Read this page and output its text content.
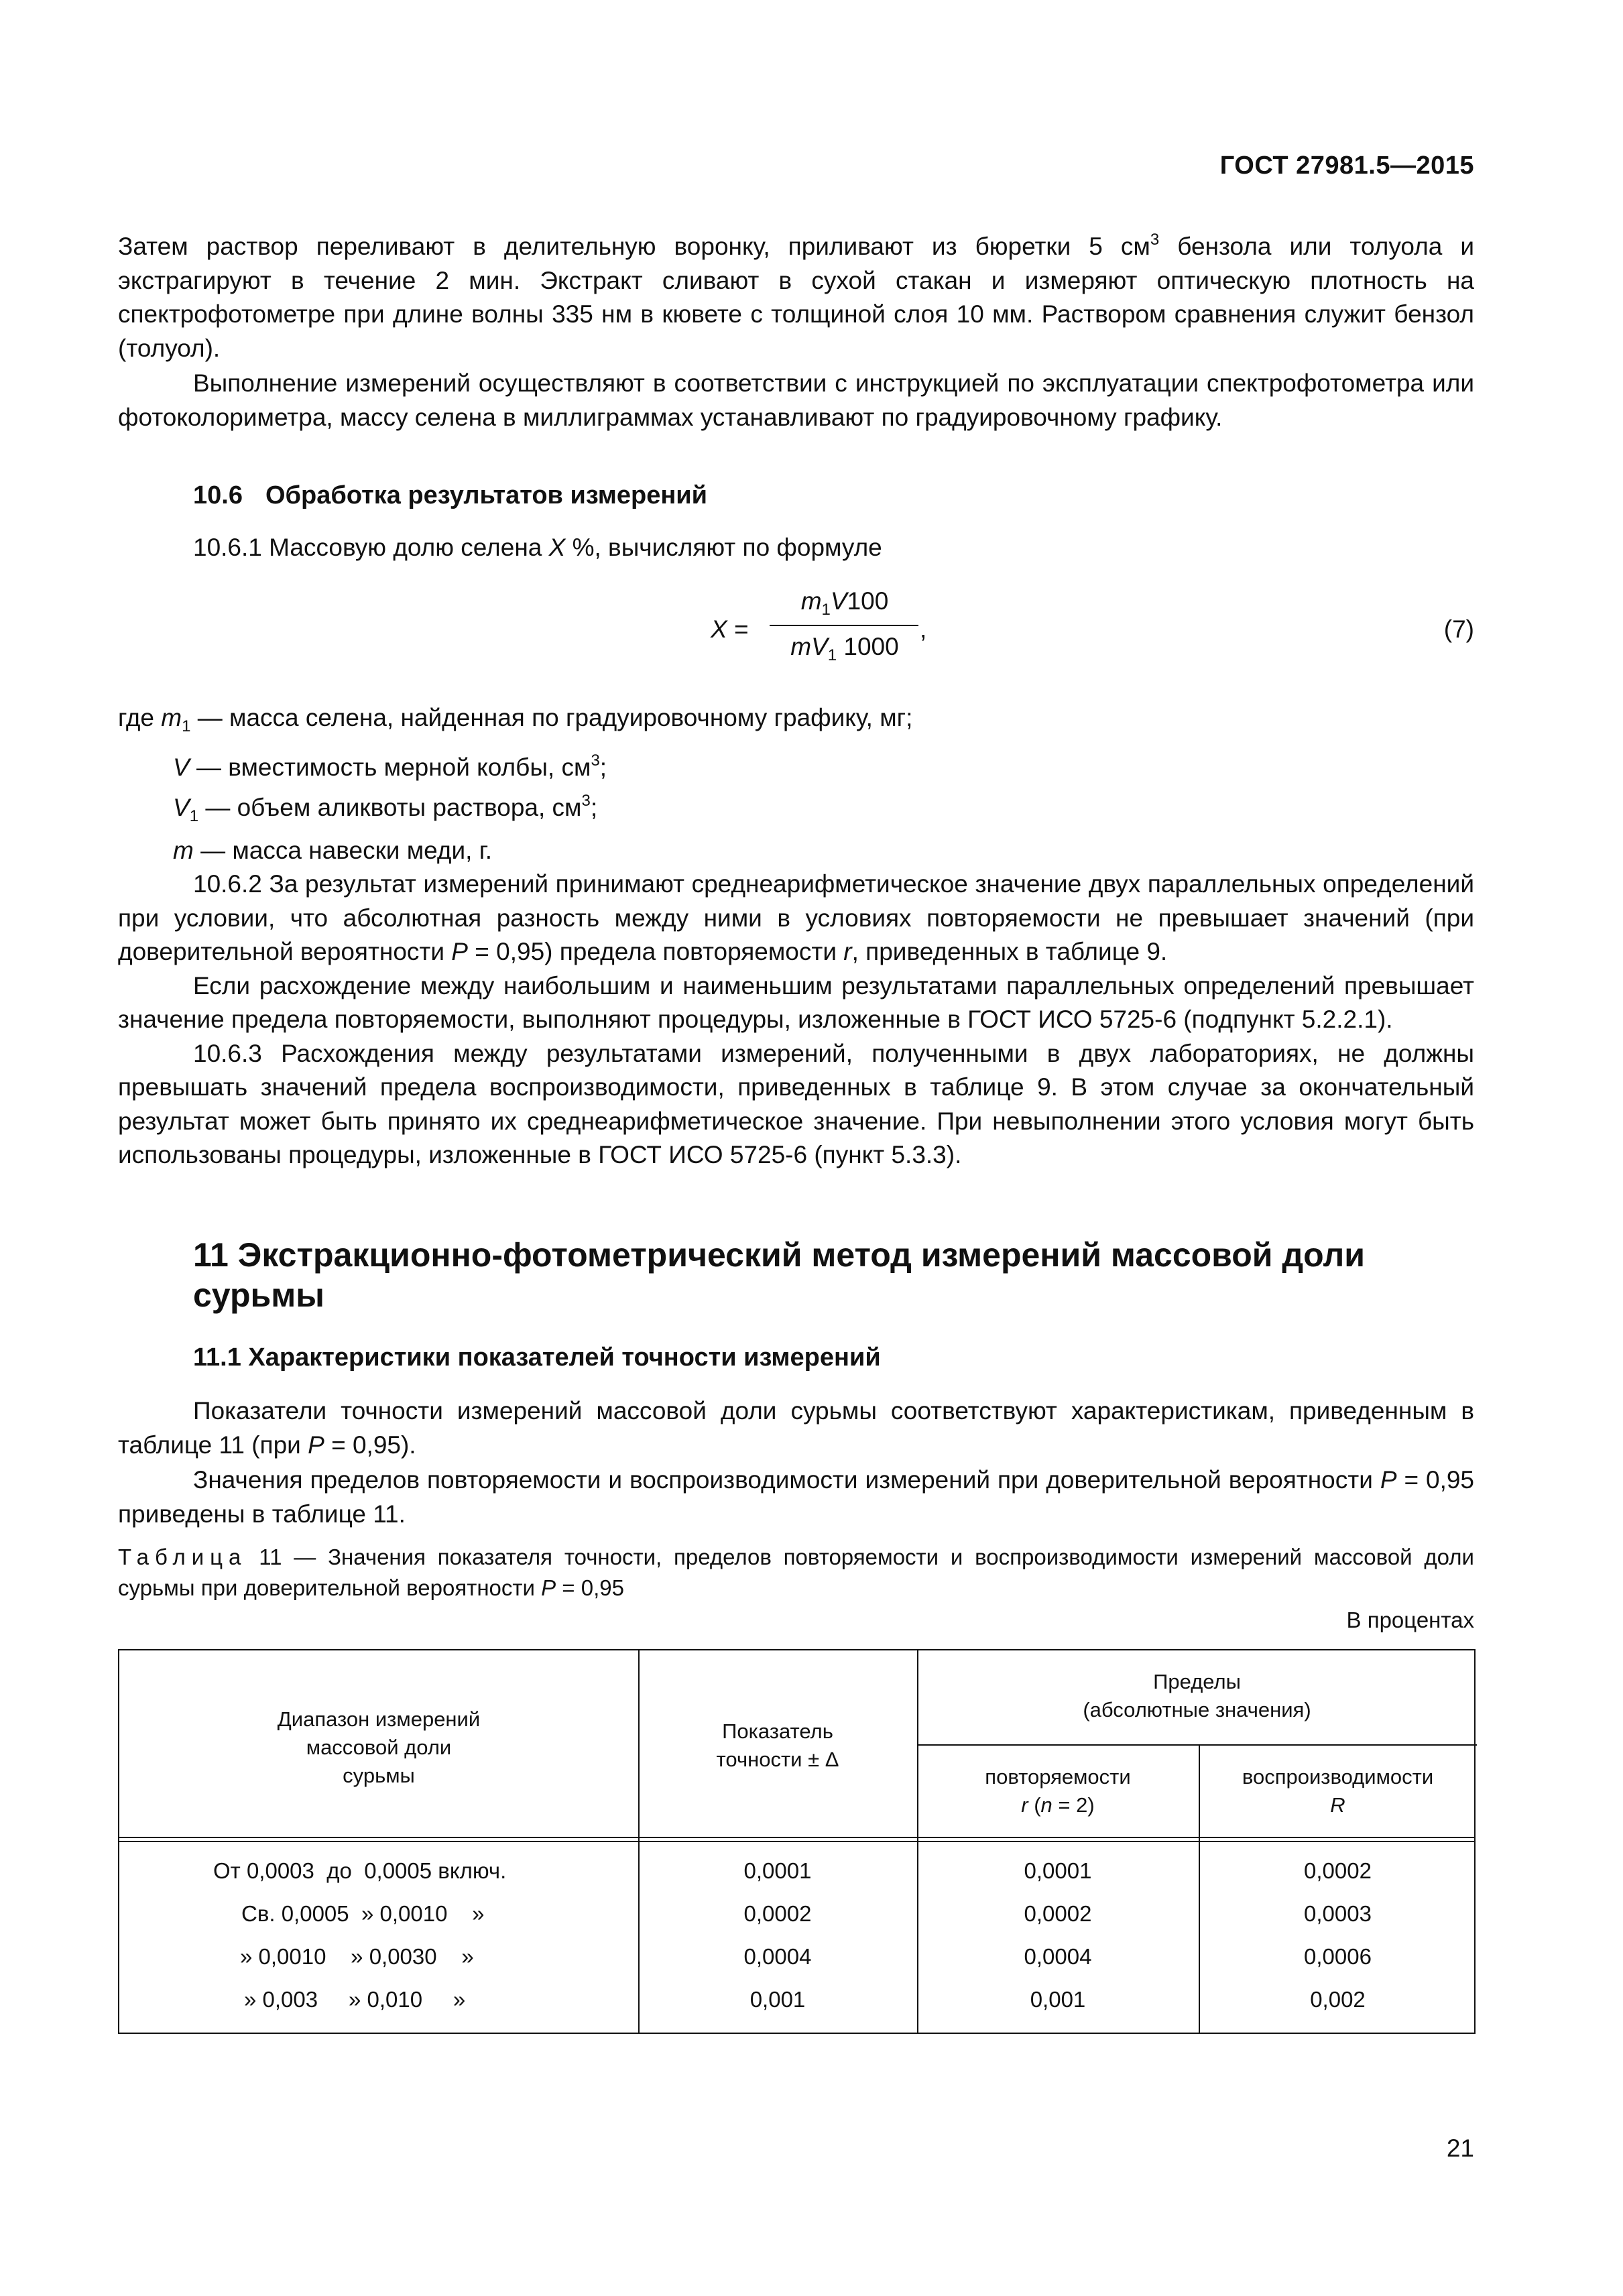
ГОСТ 27981.5—2015

Затем раствор переливают в делительную воронку, приливают из бюретки 5 $см^3$ бензола или толуола и экстрагируют в течение 2 мин. Экстракт сливают в сухой стакан и измеряют оптическую плотность на спектрофотометре при длине волны 335 нм в кювете с толщиной слоя 10 мм. Раствором сравнения служит бензол (толуол).

Выполнение измерений осуществляют в соответствии с инструкцией по эксплуатации спектрофотометра или фотоколориметра, массу селена в миллиграммах устанавливают по градуировочному графику.

10.6 Обработка результатов измерений

10.6.1 Массовую долю селена X %, вычисляют по формуле

X =
$m_1V100$
$mV_1$ 1000
,	(7)

где $m_1$ — масса селена, найденная по градуировочному графику, мг;

V — вместимость мерной колбы, $см^3$;

$V_1$ — объем аликвоты раствора, $см^3$;

m — масса навески меди, г.

10.6.2 За результат измерений принимают среднеарифметическое значение двух параллельных определений при условии, что абсолютная разность между ними в условиях повторяемости не превышает значений (при доверительной вероятности P = 0,95) предела повторяемости r, приведенных в таблице 9.

Если расхождение между наибольшим и наименьшим результатами параллельных определений превышает значение предела повторяемости, выполняют процедуры, изложенные в ГОСТ ИСО 5725-6 (подпункт 5.2.2.1).

10.6.3 Расхождения между результатами измерений, полученными в двух лабораториях, не должны превышать значений предела воспроизводимости, приведенных в таблице 9. В этом случае за окончательный результат может быть принято их среднеарифметическое значение. При невыполнении этого условия могут быть использованы процедуры, изложенные в ГОСТ ИСО 5725-6 (пункт 5.3.3).

11 Экстракционно-фотометрический метод измерений массовой доли
сурьмы
11.1 Характеристики показателей точности измерений

Показатели точности измерений массовой доли сурьмы соответствуют характеристикам, приведенным в таблице 11 (при P = 0,95).

Значения пределов повторяемости и воспроизводимости измерений при доверительной вероятности P = 0,95 приведены в таблице 11.

Таблица 11 — Значения показателя точности, пределов повторяемости и воспроизводимости измерений массовой доли сурьмы при доверительной вероятности P = 0,95
В процентах
Диапазон измерений
массовой доли
сурьмы
Показатель
точности ± Δ
Пределы
(абсолютные значения)
повторяемости
r (n = 2)
воспроизводимости
R
От 0,0003 до 0,0005 включ.	0,0001	0,0001	0,0002
Св. 0,0005 » 0,0010 »	0,0002	0,0002	0,0003
» 0,0010 » 0,0030 »	0,0004	0,0004	0,0006
» 0,003 » 0,010 »	0,001	0,001	0,002
21
